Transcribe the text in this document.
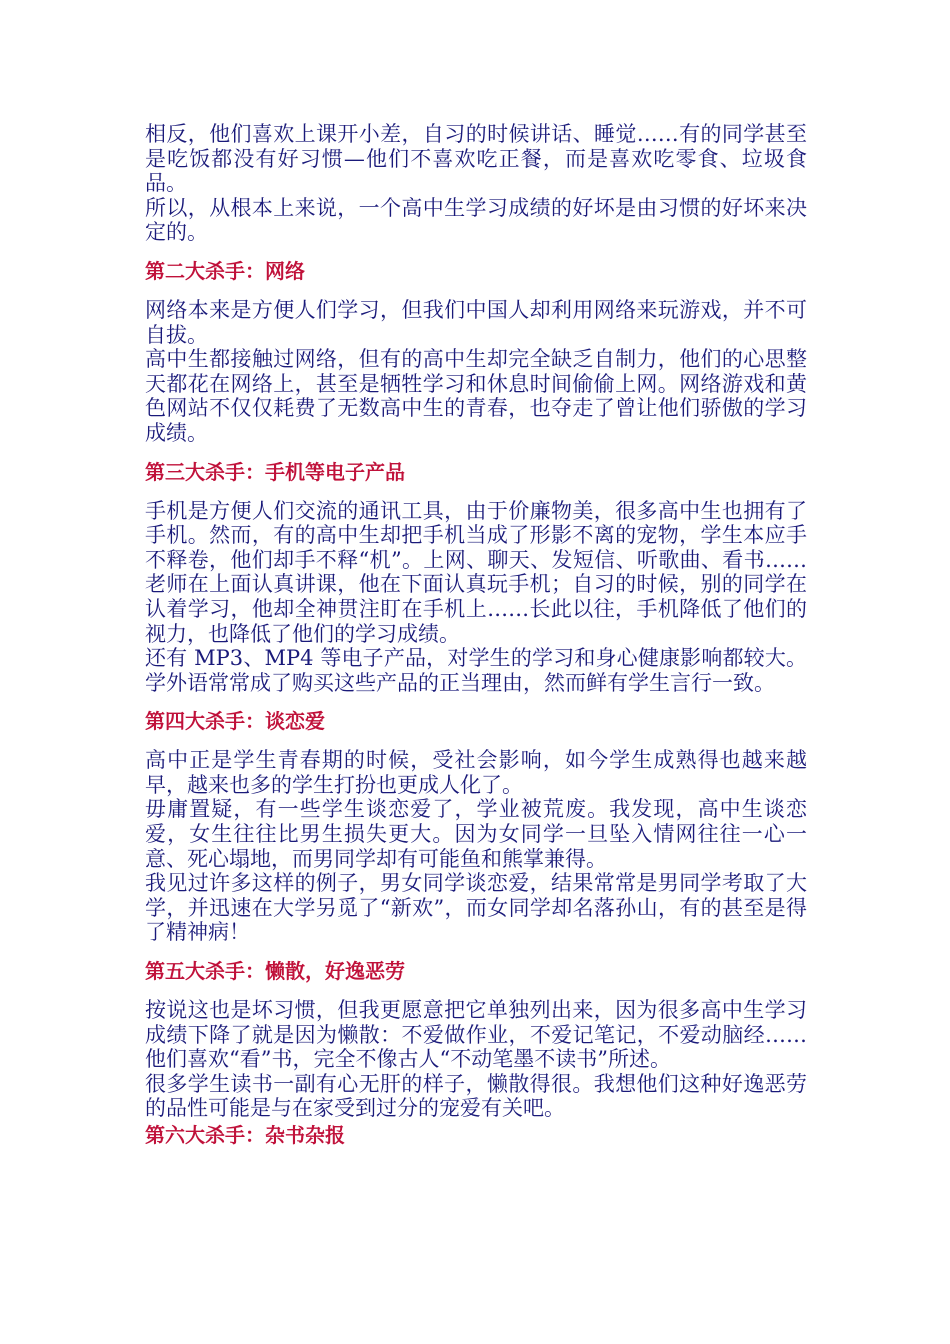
相反，他们喜欢上课开小差，自习的时候讲话、睡觉……有的同学甚至是吃饭都没有好习惯—他们不喜欢吃正餐，而是喜欢吃零食、垃圾食品。

所以，从根本上来说，一个高中生学习成绩的好坏是由习惯的好坏来决定的。

第二大杀手：网络

网络本来是方便人们学习，但我们中国人却利用网络来玩游戏，并不可自拔。

高中生都接触过网络，但有的高中生却完全缺乏自制力，他们的心思整天都花在网络上，甚至是牺牲学习和休息时间偷偷上网。网络游戏和黄色网站不仅仅耗费了无数高中生的青春，也夺走了曾让他们骄傲的学习成绩。

第三大杀手：手机等电子产品

手机是方便人们交流的通讯工具，由于价廉物美，很多高中生也拥有了手机。然而，有的高中生却把手机当成了形影不离的宠物，学生本应手不释卷，他们却手不释“机”。上网、聊天、发短信、听歌曲、看书……老师在上面认真讲课，他在下面认真玩手机；自习的时候，别的同学在认着学习，他却全神贯注盯在手机上……长此以往，手机降低了他们的视力，也降低了他们的学习成绩。

还有 MP3、MP4 等电子产品，对学生的学习和身心健康影响都较大。学外语常常成了购买这些产品的正当理由，然而鲜有学生言行一致。

第四大杀手：谈恋爱

高中正是学生青春期的时候，受社会影响，如今学生成熟得也越来越早，越来也多的学生打扮也更成人化了。

毋庸置疑，有一些学生谈恋爱了，学业被荒废。我发现，高中生谈恋爱，女生往往比男生损失更大。因为女同学一旦坠入情网往往一心一意、死心塌地，而男同学却有可能鱼和熊掌兼得。

我见过许多这样的例子，男女同学谈恋爱，结果常常是男同学考取了大学，并迅速在大学另觅了“新欢”，而女同学却名落孙山，有的甚至是得了精神病！

第五大杀手：懒散，好逸恶劳

按说这也是坏习惯，但我更愿意把它单独列出来，因为很多高中生学习成绩下降了就是因为懒散：不爱做作业，不爱记笔记，不爱动脑经……他们喜欢“看”书，完全不像古人“不动笔墨不读书”所述。

很多学生读书一副有心无肝的样子，懒散得很。我想他们这种好逸恶劳的品性可能是与在家受到过分的宠爱有关吧。

第六大杀手：杂书杂报
